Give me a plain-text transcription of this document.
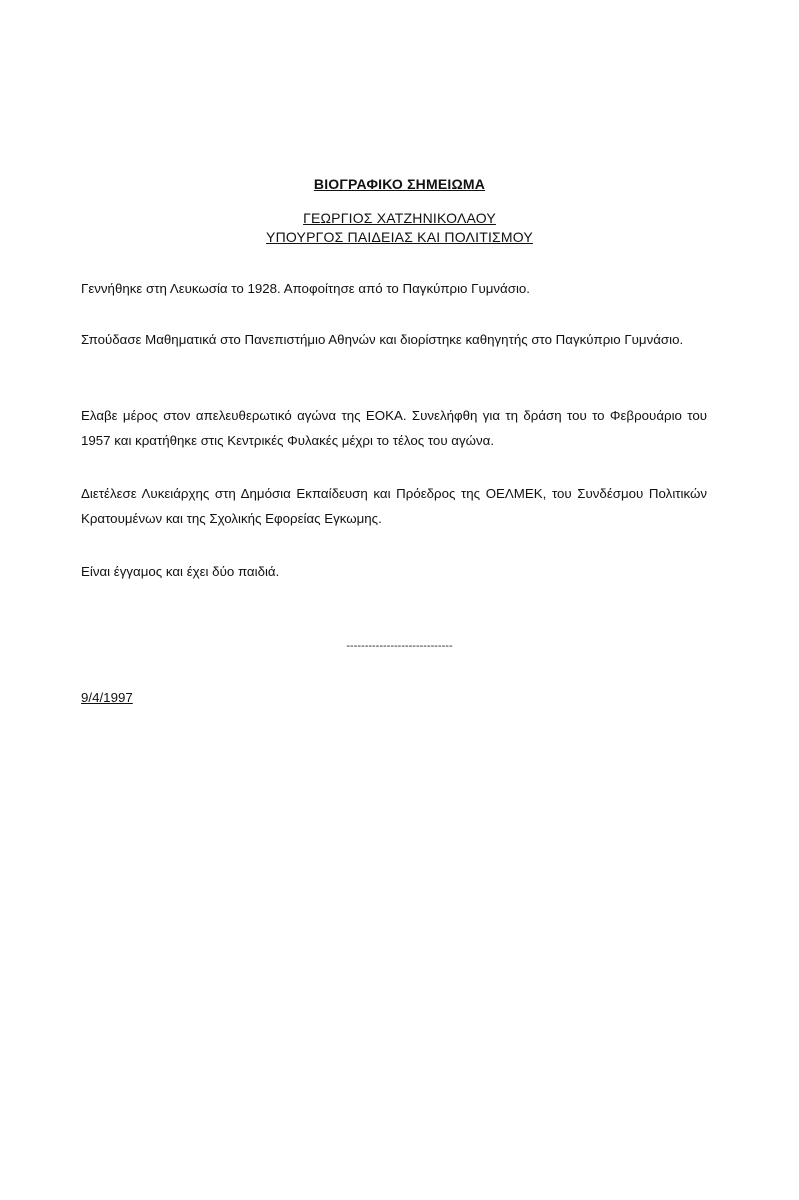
ΒΙΟΓΡΑΦΙΚΟ ΣΗΜΕΙΩΜΑ
ΓΕΩΡΓΙΟΣ ΧΑΤΖΗΝΙΚΟΛΑΟΥ
ΥΠΟΥΡΓΟΣ ΠΑΙΔΕΙΑΣ ΚΑΙ ΠΟΛΙΤΙΣΜΟΥ
Γεννήθηκε στη Λευκωσία το 1928. Αποφοίτησε από το Παγκύπριο Γυμνάσιο.
Σπούδασε Μαθηματικά στο Πανεπιστήμιο Αθηνών και διορίστηκε καθηγητής στο Παγκύπριο Γυμνάσιο.
Ελαβε μέρος στον απελευθερωτικό αγώνα της ΕΟΚΑ. Συνελήφθη για τη δράση του το Φεβρουάριο του 1957 και κρατήθηκε στις Κεντρικές Φυλακές μέχρι το τέλος του αγώνα.
Διετέλεσε Λυκειάρχης στη Δημόσια Εκπαίδευση και Πρόεδρος της ΟΕΛΜΕΚ, του Συνδέσμου Πολιτικών Κρατουμένων και της Σχολικής Εφορείας Εγκωμης.
Είναι έγγαμος και έχει δύο παιδιά.
-----------------------------
9/4/1997
